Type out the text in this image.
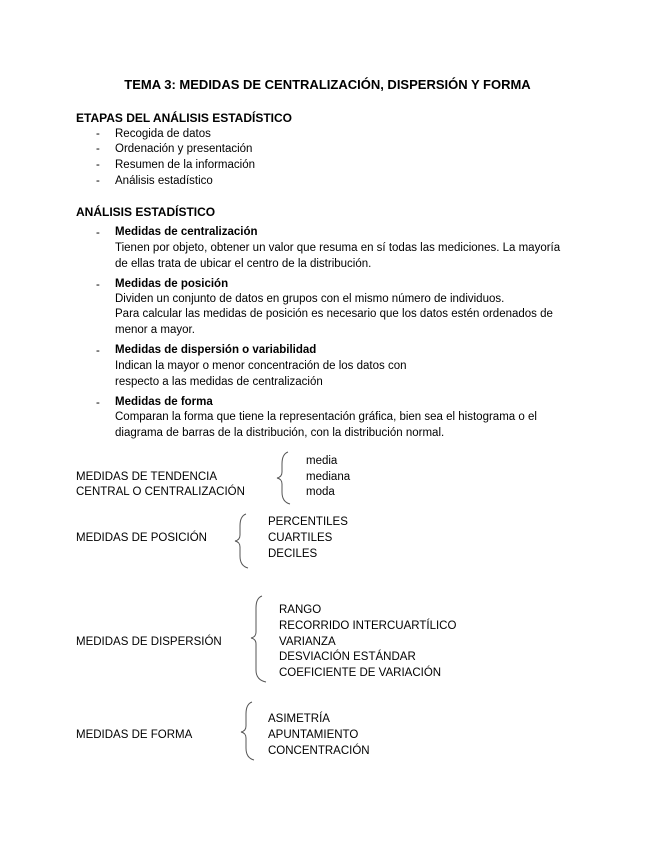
TEMA 3: MEDIDAS DE CENTRALIZACIÓN, DISPERSIÓN Y FORMA
ETAPAS DEL ANÁLISIS ESTADÍSTICO
- Recogida de datos
- Ordenación y presentación
- Resumen de la información
- Análisis estadístico
ANÁLISIS ESTADÍSTICO
- Medidas de centralización
Tienen por objeto, obtener un valor que resuma en sí todas las mediciones. La mayoría
de ellas trata de ubicar el centro de la distribución.
- Medidas de posición
Dividen un conjunto de datos en grupos con el mismo número de individuos.
Para calcular las medidas de posición es necesario que los datos estén ordenados de
menor a mayor.
- Medidas de dispersión o variabilidad
Indican la mayor o menor concentración de los datos con
respecto a las medidas de centralización
- Medidas de forma
Comparan la forma que tiene la representación gráfica, bien sea el histograma o el
diagrama de barras de la distribución, con la distribución normal.
MEDIDAS DE TENDENCIA
CENTRAL O CENTRALIZACIÓN
media
mediana
moda
MEDIDAS DE POSICIÓN
PERCENTILES
CUARTILES
DECILES
MEDIDAS DE DISPERSIÓN
RANGO
RECORRIDO INTERCUARTÍLICO
VARIANZA
DESVIACIÓN ESTÁNDAR
COEFICIENTE DE VARIACIÓN
MEDIDAS DE FORMA
ASIMETRÍA
APUNTAMIENTO
CONCENTRACIÓN
